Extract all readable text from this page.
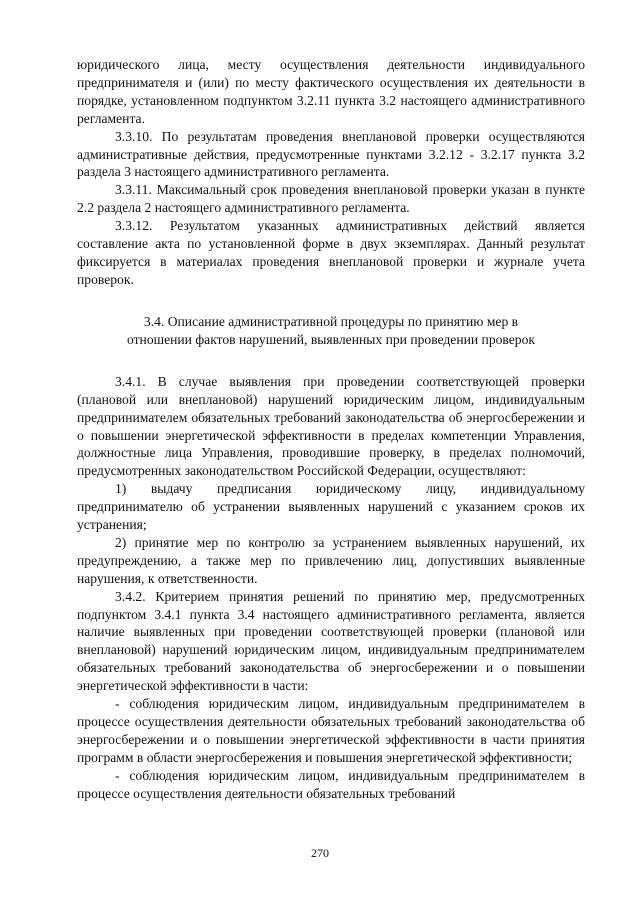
юридического лица, месту осуществления деятельности индивидуального предпринимателя и (или) по месту фактического осуществления их деятельности в порядке, установленном подпунктом 3.2.11 пункта 3.2 настоящего административного регламента.

3.3.10. По результатам проведения внеплановой проверки осуществляются административные действия, предусмотренные пунктами 3.2.12 - 3.2.17 пункта 3.2 раздела 3 настоящего административного регламента.

3.3.11. Максимальный срок проведения внеплановой проверки указан в пункте 2.2 раздела 2 настоящего административного регламента.

3.3.12. Результатом указанных административных действий является составление акта по установленной форме в двух экземплярах. Данный результат фиксируется в материалах проведения внеплановой проверки и журнале учета проверок.

3.4. Описание административной процедуры по принятию мер в
отношении фактов нарушений, выявленных при проведении проверок

3.4.1. В случае выявления при проведении соответствующей проверки (плановой или внеплановой) нарушений юридическим лицом, индивидуальным предпринимателем обязательных требований законодательства об энергосбережении и о повышении энергетической эффективности в пределах компетенции Управления, должностные лица Управления, проводившие проверку, в пределах полномочий, предусмотренных законодательством Российской Федерации, осуществляют:

1) выдачу предписания юридическому лицу, индивидуальному предпринимателю об устранении выявленных нарушений с указанием сроков их устранения;

2) принятие мер по контролю за устранением выявленных нарушений, их предупреждению, а также мер по привлечению лиц, допустивших выявленные нарушения, к ответственности.

3.4.2. Критерием принятия решений по принятию мер, предусмотренных подпунктом 3.4.1 пункта 3.4 настоящего административного регламента, является наличие выявленных при проведении соответствующей проверки (плановой или внеплановой) нарушений юридическим лицом, индивидуальным предпринимателем обязательных требований законодательства об энергосбережении и о повышении энергетической эффективности в части:

- соблюдения юридическим лицом, индивидуальным предпринимателем в процессе осуществления деятельности обязательных требований законодательства об энергосбережении и о повышении энергетической эффективности в части принятия программ в области энергосбережения и повышения энергетической эффективности;

- соблюдения юридическим лицом, индивидуальным предпринимателем в процессе осуществления деятельности обязательных требований

270
